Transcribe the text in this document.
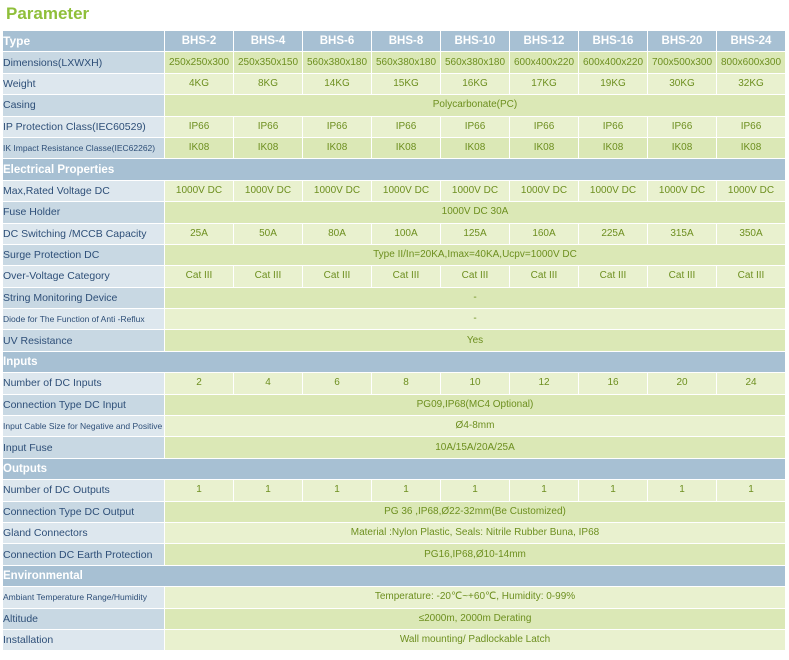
Parameter
Type	BHS-2	BHS-4	BHS-6	BHS-8	BHS-10	BHS-12	BHS-16	BHS-20	BHS-24
Dimensions(LXWXH)	250x250x300	250x350x150	560x380x180	560x380x180	560x380x180	600x400x220	600x400x220	700x500x300	800x600x300
Weight	4KG	8KG	14KG	15KG	16KG	17KG	19KG	30KG	32KG
Casing	Polycarbonate(PC)								
IP Protection Class(IEC60529)	IP66	IP66	IP66	IP66	IP66	IP66	IP66	IP66	IP66
IK Impact Resistance Classe(IEC62262)	IK08	IK08	IK08	IK08	IK08	IK08	IK08	IK08	IK08
Electrical Properties									
Max,Rated Voltage DC	1000V DC	1000V DC	1000V DC	1000V DC	1000V DC	1000V DC	1000V DC	1000V DC	1000V DC
Fuse Holder	1000V DC 30A								
DC Switching /MCCB Capacity	25A	50A	80A	100A	125A	160A	225A	315A	350A
Surge Protection DC	Type II/In=20KA,Imax=40KA,Ucpv=1000V DC								
Over-Voltage Category	Cat III	Cat III	Cat III	Cat III	Cat III	Cat III	Cat III	Cat III	Cat III
String Monitoring Device	-								
Diode for The Function of Anti -Reflux	-								
UV Resistance	Yes								
Inputs									
Number of DC Inputs	2	4	6	8	10	12	16	20	24
Connection Type DC Input	PG09,IP68(MC4 Optional)								
Input Cable Size for Negative and Positive	Ø4-8mm								
Input Fuse	10A/15A/20A/25A								
Outputs									
Number of DC Outputs	1	1	1	1	1	1	1	1	1
Connection Type DC Output	PG 36 ,IP68,Ø22-32mm(Be Customized)								
Gland Connectors	Material :Nylon Plastic, Seals: Nitrile Rubber Buna, IP68								
Connection DC Earth Protection	PG16,IP68,Ø10-14mm								
Environmental									
Ambiant Temperature Range/Humidity	Temperature: -20℃~+60℃, Humidity: 0-99%								
Altitude	≤2000m, 2000m Derating								
Installation	Wall mounting/ Padlockable Latch								
